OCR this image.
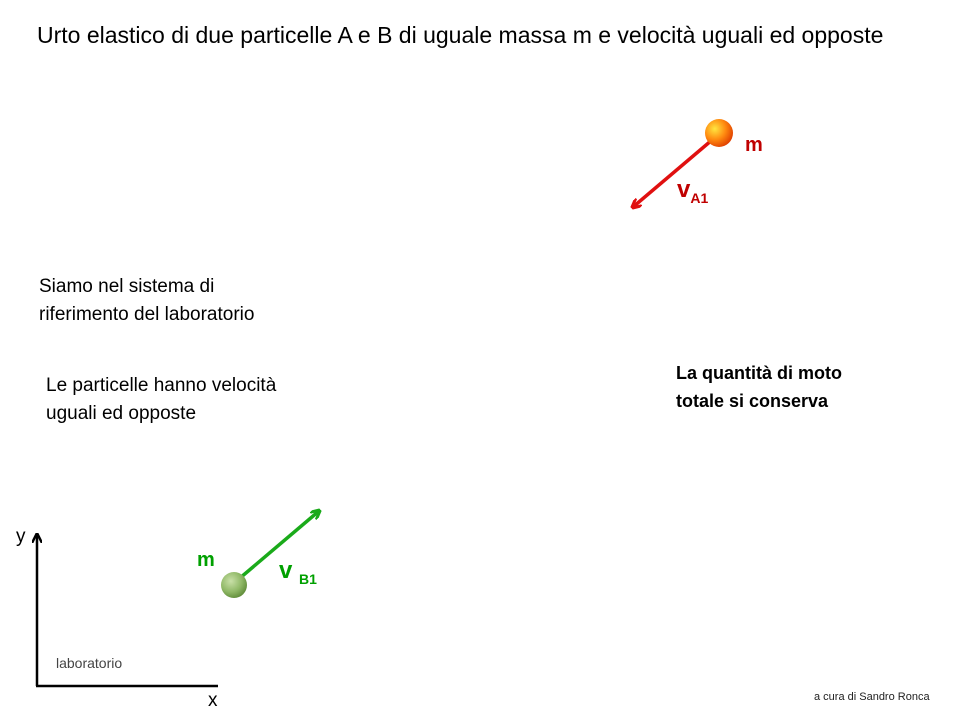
Urto elastico di due particelle A e B di uguale massa m e velocità uguali ed opposte
m
$v_{A1}$
m	v $_{B1}$
Siamo nel sistema di
riferimento del laboratorio
Le particelle hanno velocità
uguali ed opposte
La quantità di moto
totale si conserva
y
x
laboratorio
a cura di Sandro Ronca
